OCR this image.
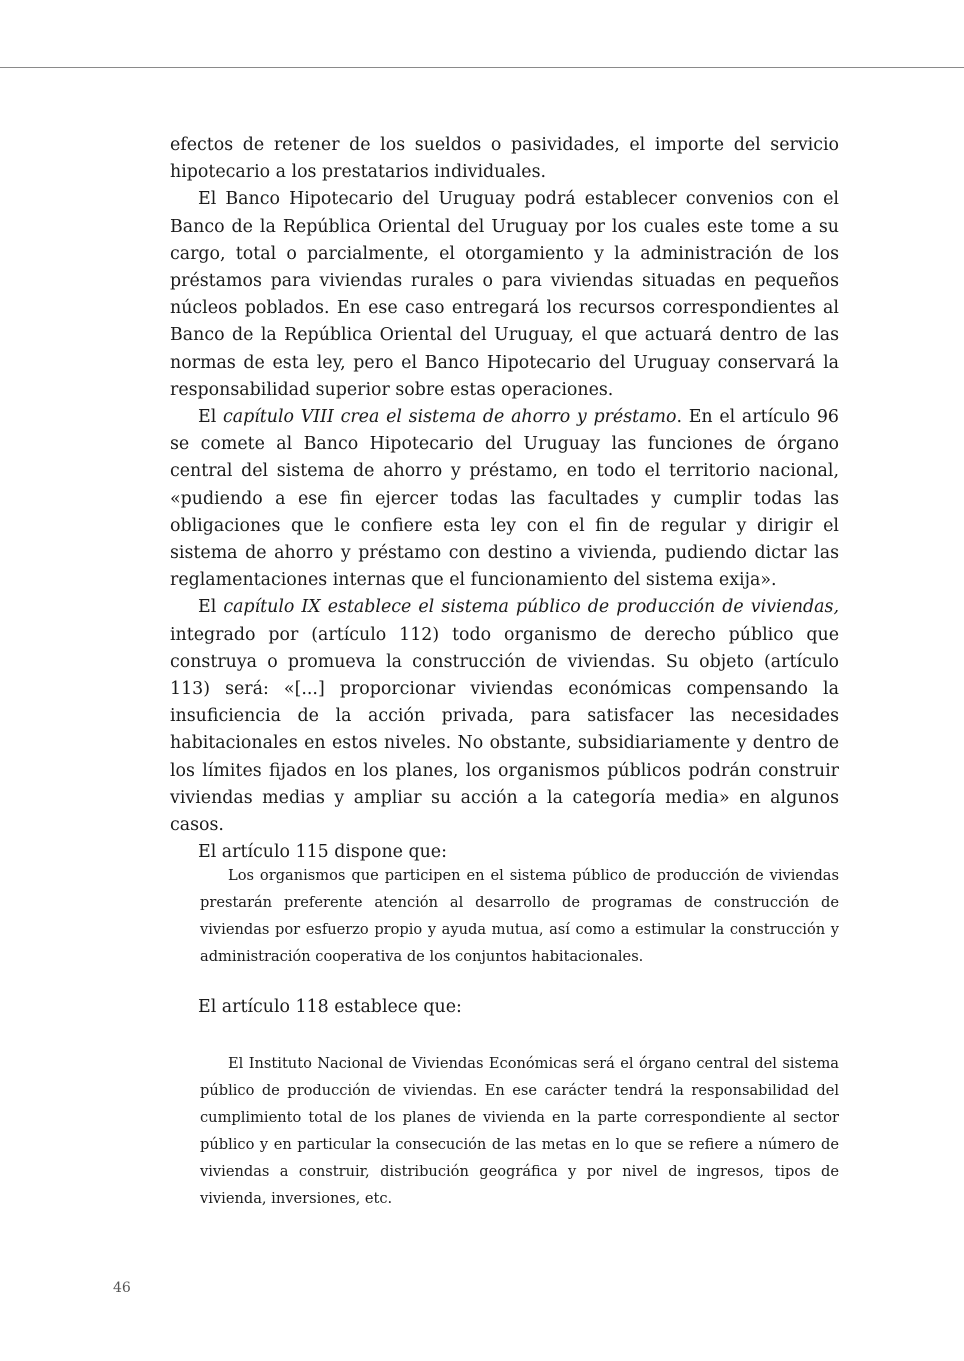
efectos de retener de los sueldos o pasividades, el importe del servicio hipotecario a los prestatarios individuales.

El Banco Hipotecario del Uruguay podrá establecer convenios con el Banco de la República Oriental del Uruguay por los cuales este tome a su cargo, total o parcialmente, el otorgamiento y la administración de los préstamos para viviendas rurales o para viviendas situadas en pequeños núcleos poblados. En ese caso entregará los recursos correspondientes al Banco de la República Oriental del Uruguay, el que actuará dentro de las normas de esta ley, pero el Banco Hipotecario del Uruguay conservará la responsabilidad superior sobre estas operaciones.

El capítulo VIII crea el sistema de ahorro y préstamo. En el artículo 96 se comete al Banco Hipotecario del Uruguay las funciones de órgano central del sistema de ahorro y préstamo, en todo el territorio nacional, «pudiendo a ese fin ejercer todas las facultades y cumplir todas las obligaciones que le confiere esta ley con el fin de regular y dirigir el sistema de ahorro y préstamo con destino a vivienda, pudiendo dictar las reglamentaciones internas que el funcionamiento del sistema exija».

El capítulo IX establece el sistema público de producción de viviendas, integrado por (artículo 112) todo organismo de derecho público que construya o promueva la construcción de viviendas. Su objeto (artículo 113) será: «[...] proporcionar viviendas económicas compensando la insuficiencia de la acción privada, para satisfacer las necesidades habitacionales en estos niveles. No obstante, subsidiariamente y dentro de los límites fijados en los planes, los organismos públicos podrán construir viviendas medias y ampliar su acción a la categoría media» en algunos casos.

El artículo 115 dispone que:

Los organismos que participen en el sistema público de producción de viviendas prestarán preferente atención al desarrollo de programas de construcción de viviendas por esfuerzo propio y ayuda mutua, así como a estimular la construcción y administración cooperativa de los conjuntos habitacionales.

El artículo 118 establece que:

El Instituto Nacional de Viviendas Económicas será el órgano central del sistema público de producción de viviendas. En ese carácter tendrá la responsabilidad del cumplimiento total de los planes de vivienda en la parte correspondiente al sector público y en particular la consecución de las metas en lo que se refiere a número de viviendas a construir, distribución geográfica y por nivel de ingresos, tipos de vivienda, inversiones, etc.

46
